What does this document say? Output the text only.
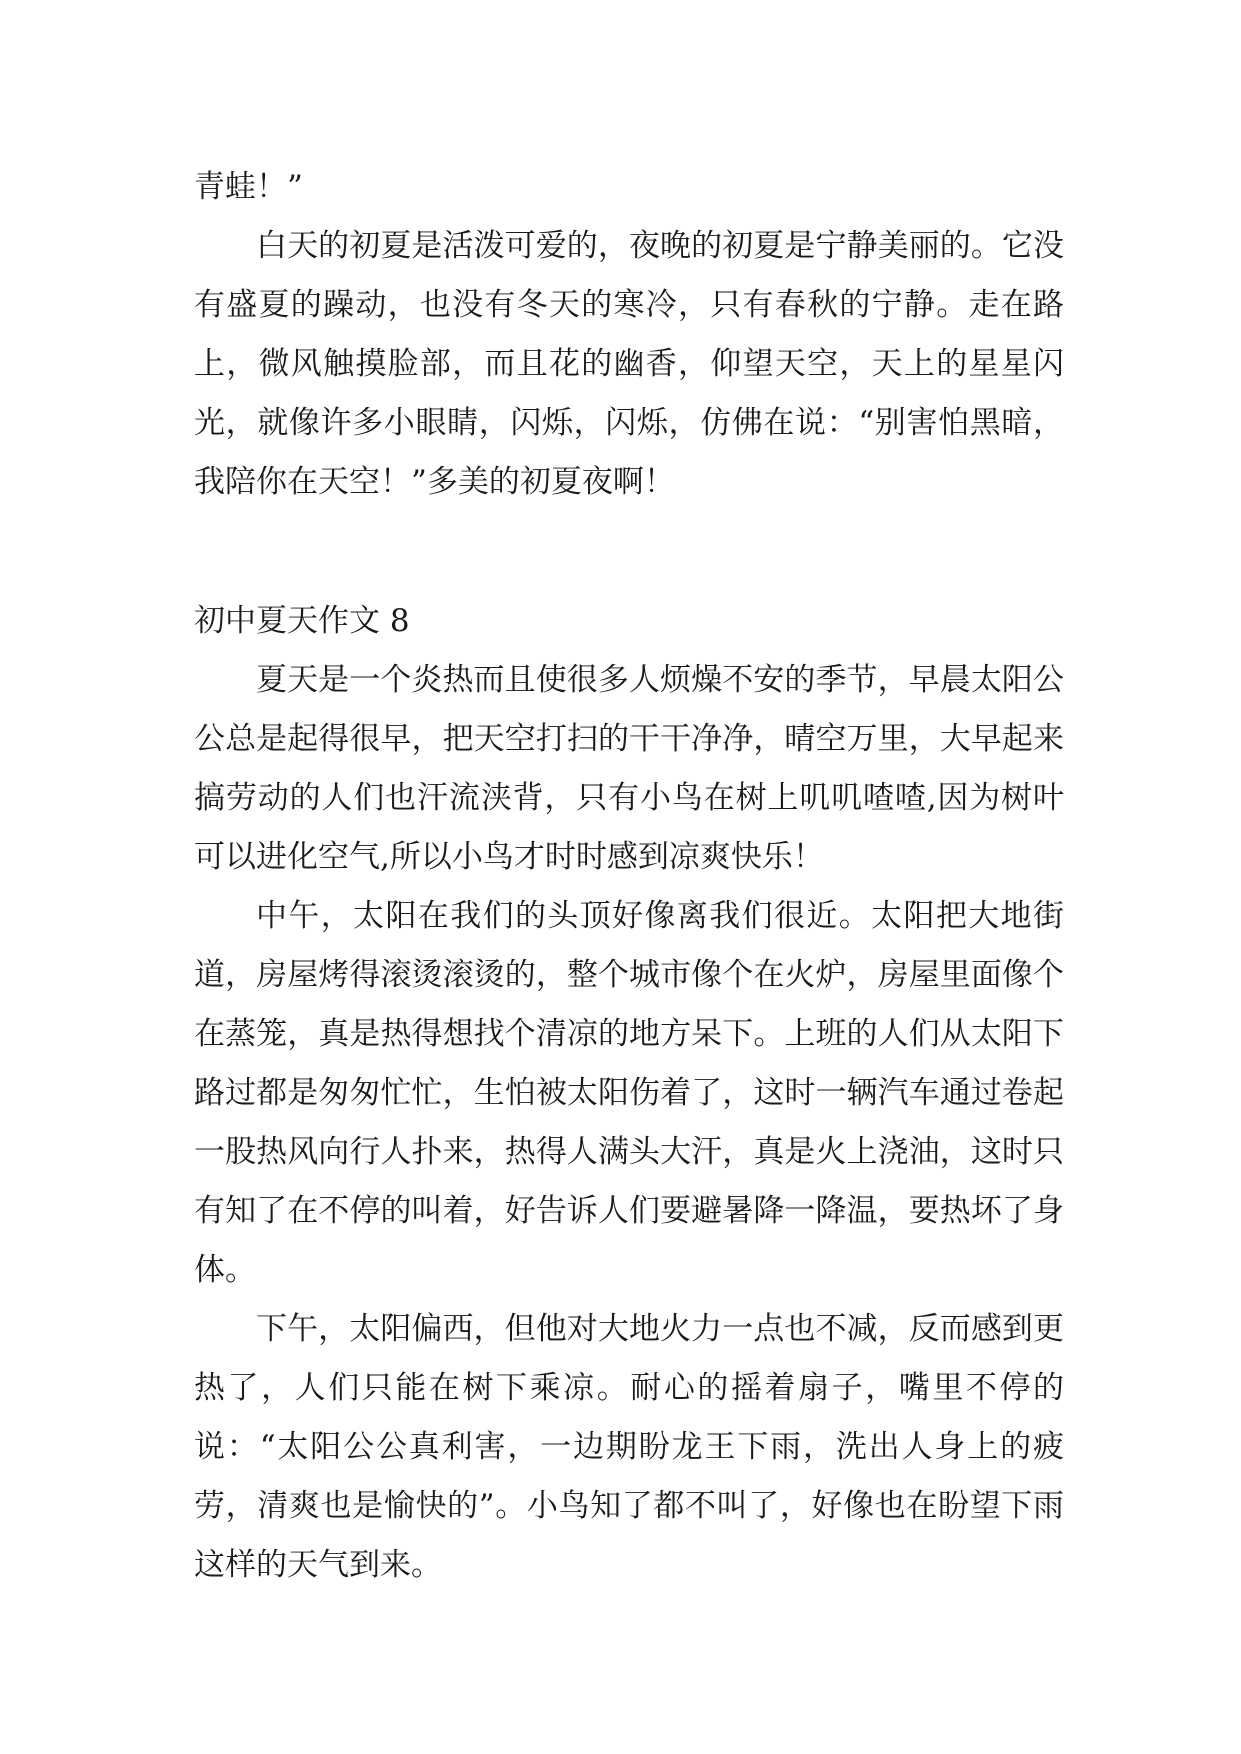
青蛙！”

白天的初夏是活泼可爱的，夜晚的初夏是宁静美丽的。它没有盛夏的躁动，也没有冬天的寒冷，只有春秋的宁静。走在路上，微风触摸脸部，而且花的幽香，仰望天空，天上的星星闪光，就像许多小眼睛，闪烁，闪烁，仿佛在说：“别害怕黑暗，我陪你在天空！”多美的初夏夜啊！

初中夏天作文 8

夏天是一个炎热而且使很多人烦燥不安的季节，早晨太阳公公总是起得很早，把天空打扫的干干净净，晴空万里，大早起来搞劳动的人们也汗流浃背，只有小鸟在树上叽叽喳喳,因为树叶可以进化空气,所以小鸟才时时感到凉爽快乐！

中午，太阳在我们的头顶好像离我们很近。太阳把大地街道，房屋烤得滚烫滚烫的，整个城市像个在火炉，房屋里面像个在蒸笼，真是热得想找个清凉的地方呆下。上班的人们从太阳下路过都是匆匆忙忙，生怕被太阳伤着了，这时一辆汽车通过卷起一股热风向行人扑来，热得人满头大汗，真是火上浇油，这时只有知了在不停的叫着，好告诉人们要避暑降一降温，要热坏了身体。

下午，太阳偏西，但他对大地火力一点也不减，反而感到更热了，人们只能在树下乘凉。耐心的摇着扇子，嘴里不停的说：“太阳公公真利害，一边期盼龙王下雨，洗出人身上的疲劳，清爽也是愉快的”。小鸟知了都不叫了，好像也在盼望下雨这样的天气到来。
